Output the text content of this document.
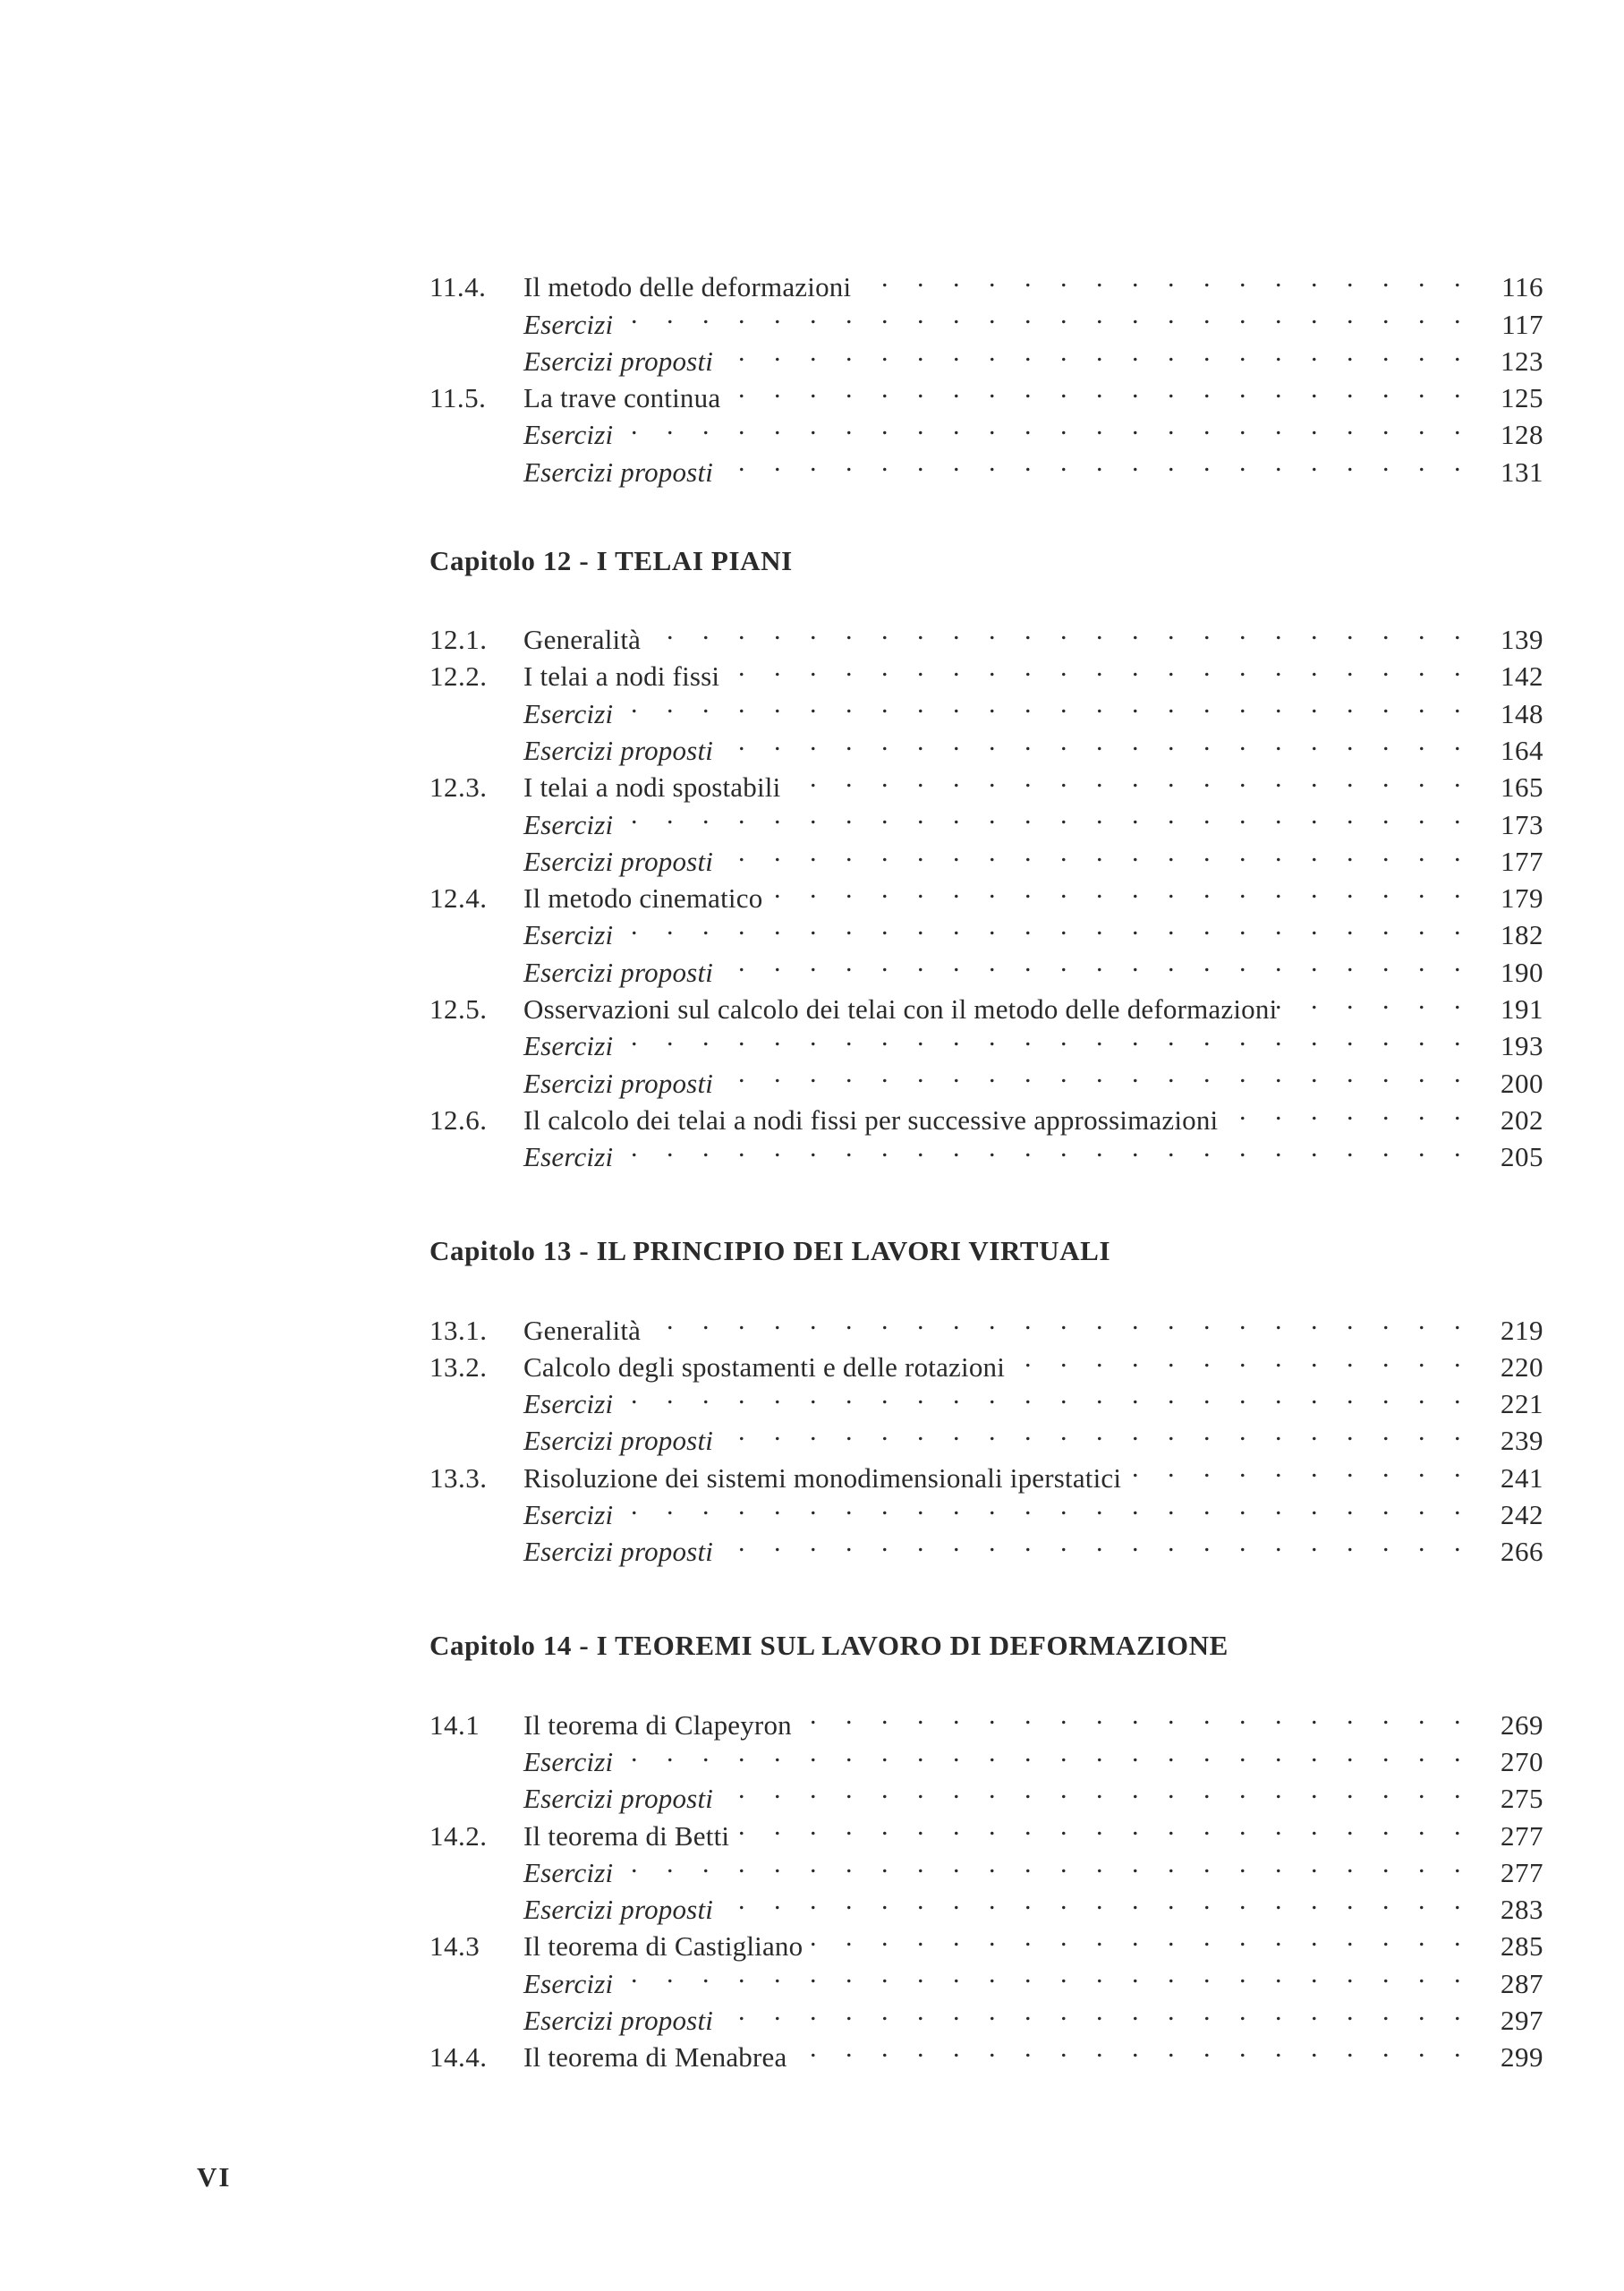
11.4.	Il metodo delle deformazioni . . .	116
Esercizi . . .	117
Esercizi proposti . . .	123
11.5.	La trave continua . . .	125
Esercizi . . .	128
Esercizi proposti . . .	131
Capitolo 12 - I TELAI PIANI
12.1.	Generalità . . .	139
12.2.	I telai a nodi fissi . . .	142
Esercizi . . .	148
Esercizi proposti . . .	164
12.3.	I telai a nodi spostabili . . .	165
Esercizi . . .	173
Esercizi proposti . . .	177
12.4.	Il metodo cinematico . . .	179
Esercizi . . .	182
Esercizi proposti . . .	190
12.5.	Osservazioni sul calcolo dei telai con il metodo delle deformazioni . . .	191
Esercizi . . .	193
Esercizi proposti . . .	200
12.6.	Il calcolo dei telai a nodi fissi per successive approssimazioni . . .	202
Esercizi . . .	205
Capitolo 13 - IL PRINCIPIO DEI LAVORI VIRTUALI
13.1.	Generalità . . .	219
13.2.	Calcolo degli spostamenti e delle rotazioni . . .	220
Esercizi . . .	221
Esercizi proposti . . .	239
13.3.	Risoluzione dei sistemi monodimensionali iperstatici . . .	241
Esercizi . . .	242
Esercizi proposti . . .	266
Capitolo 14 - I TEOREMI SUL LAVORO DI DEFORMAZIONE
14.1	Il teorema di Clapeyron . . .	269
Esercizi . . .	270
Esercizi proposti . . .	275
14.2.	Il teorema di Betti . . .	277
Esercizi . . .	277
Esercizi proposti . . .	283
14.3	Il teorema di Castigliano . . .	285
Esercizi . . .	287
Esercizi proposti . . .	297
14.4.	Il teorema di Menabrea . . .	299
VI
